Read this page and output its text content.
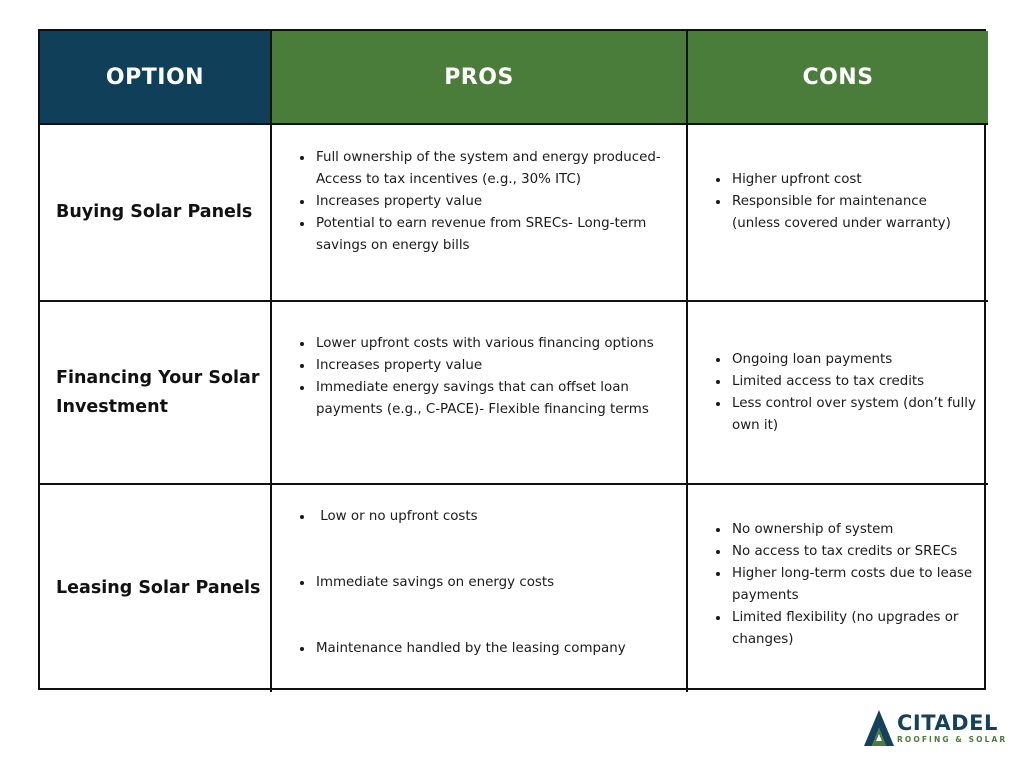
OPTION	PROS	CONS
Buying Solar Panels
• Full ownership of the system and energy produced- Access to tax incentives (e.g., 30% ITC)
• Increases property value
• Potential to earn revenue from SRECs- Long-term savings on energy bills
• Higher upfront cost
• Responsible for maintenance (unless covered under warranty)
Financing Your Solar Investment
• Lower upfront costs with various financing options
• Increases property value
• Immediate energy savings that can offset loan payments (e.g., C-PACE)- Flexible financing terms
• Ongoing loan payments
• Limited access to tax credits
• Less control over system (don’t fully own it)
Leasing Solar Panels

•  Low or no upfront costs

• Immediate savings on energy costs

• Maintenance handled by the leasing company

• No ownership of system
• No access to tax credits or SRECs
• Higher long-term costs due to lease payments
• Limited flexibility (no upgrades or changes)
CITADEL
ROOFING & SOLAR
